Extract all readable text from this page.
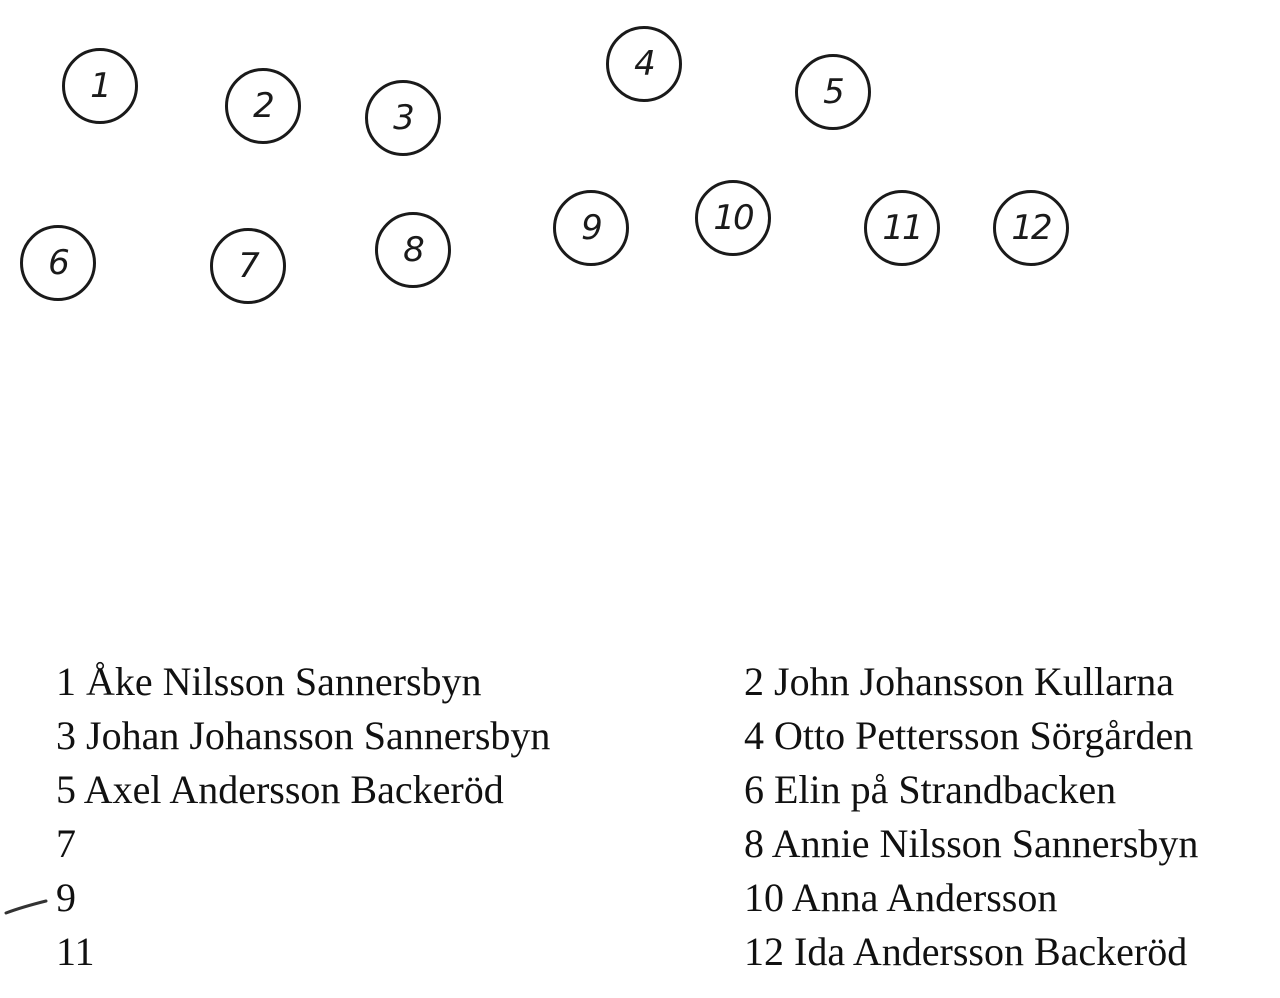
1	2	3
4
5
6	7	8
9	10	11	12
1 Åke Nilsson Sannersbyn
3 Johan Johansson Sannersbyn
5 Axel Andersson Backeröd
7
9
11
2 John Johansson Kullarna
4 Otto Pettersson Sörgården
6 Elin på Strandbacken
8 Annie Nilsson Sannersbyn
10 Anna Andersson
12 Ida Andersson Backeröd
